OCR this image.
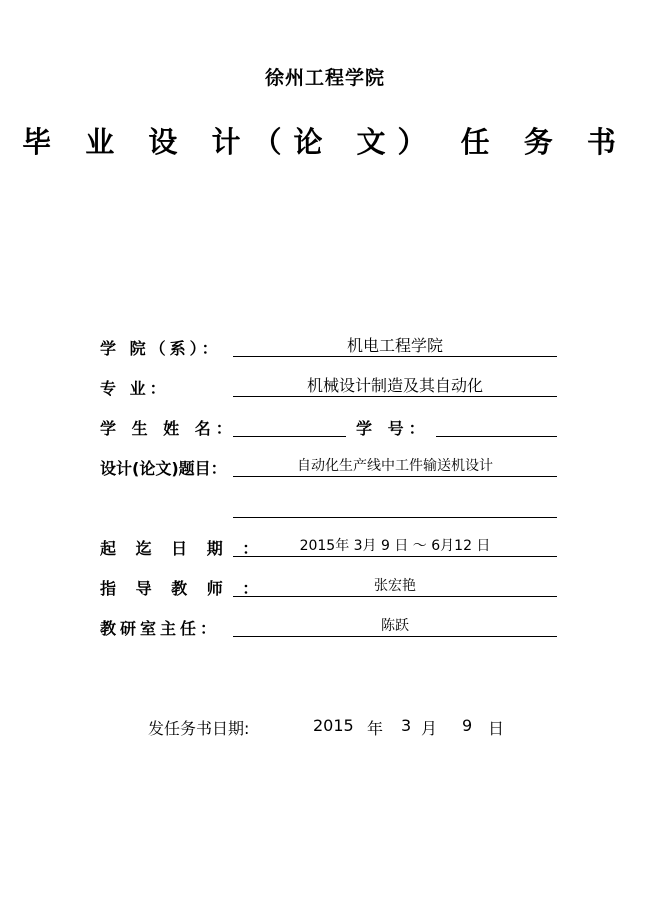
徐州工程学院
毕 业 设 计（论 文） 任 务 书
学 院（系）：	机电工程学院
专 业：	机械设计制造及其自动化
学 生 姓 名：	学 号：
设计(论文)题目：	自动化生产线中工件输送机设计
起 迄 日 期 ：	2015年 3月 9 日 ～ 6月12 日
指 导 教 师 ：	张宏艳
教研室主任：	陈跃
发任务书日期:	2015 年 3 月 9 日
